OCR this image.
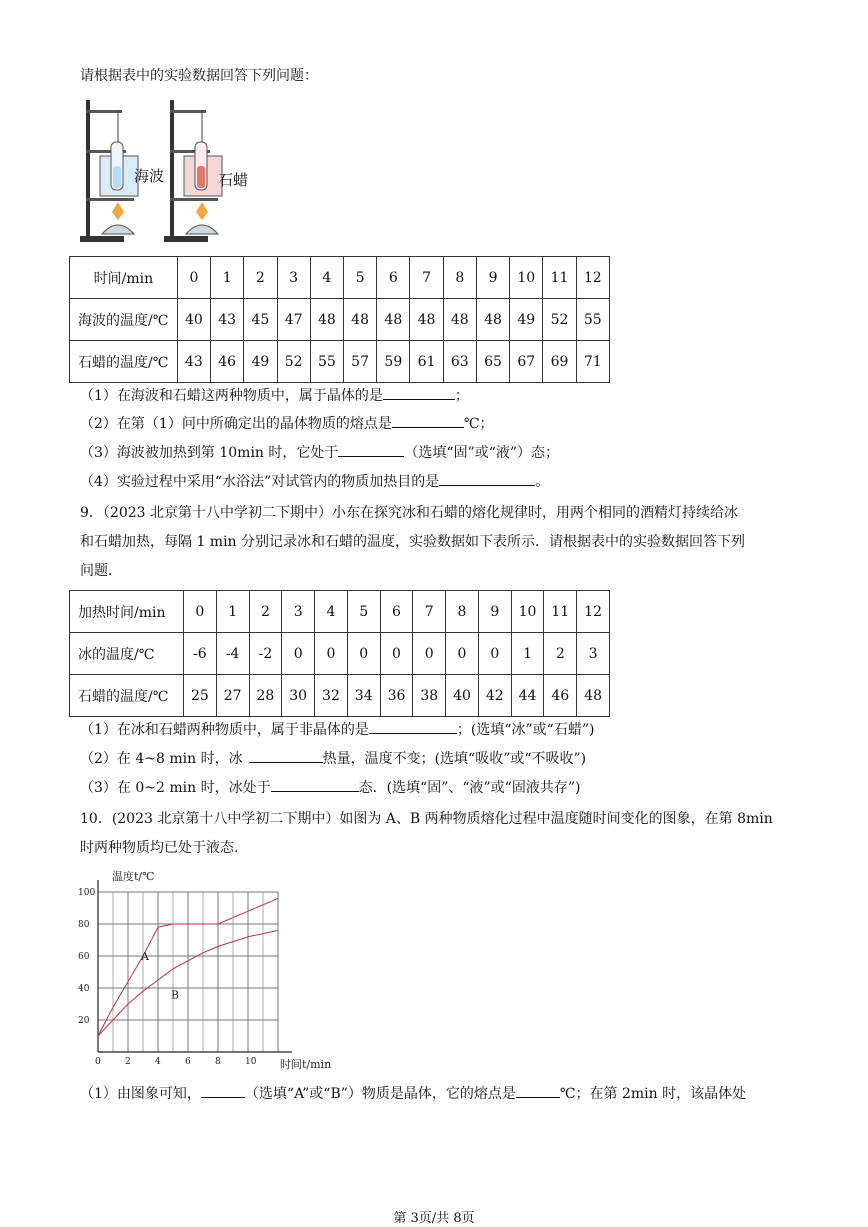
请根据表中的实验数据回答下列问题：
海波	石蜡
时间/min	0	1	2	3	4	5	6	7	8	9	10	11	12
海波的温度/℃	40	43	45	47	48	48	48	48	48	48	49	52	55
石蜡的温度/℃	43	46	49	52	55	57	59	61	63	65	67	69	71
（1）在海波和石蜡这两种物质中，属于晶体的是	；
（2）在第（1）问中所确定出的晶体物质的熔点是	℃；
（3）海波被加热到第 10min 时，它处于	（选填“固”或“液”）态；
（4）实验过程中采用“水浴法”对试管内的物质加热目的是	。
9．（2023 北京第十八中学初二下期中）小东在探究冰和石蜡的熔化规律时，用两个相同的酒精灯持续给冰
和石蜡加热，每隔 1 min 分别记录冰和石蜡的温度，实验数据如下表所示．请根据表中的实验数据回答下列
问题．
加热时间/min	0	1	2	3	4	5	6	7	8	9	10	11	12
冰的温度/℃	-6	-4	-2	0	0	0	0	0	0	0	1	2	3
石蜡的温度/℃	25	27	28	30	32	34	36	38	40	42	44	46	48
（1）在冰和石蜡两种物质中，属于非晶体的是	；(选填“冰”或“石蜡”)
（2）在 4~8 min 时，冰	热量，温度不变；(选填“吸收”或“不吸收”)
（3）在 0~2 min 时，冰处于	态．(选填“固”、“液”或“固液共存”)
10．(2023 北京第十八中学初二下期中）如图为 A、B 两种物质熔化过程中温度随时间变化的图象，在第 8min
时两种物质均已处于液态．
0	2	4	6	8	10
20
40
60
80
100
A
B
温度t/℃
时间t/min
（1）由图象可知，	（选填“A”或“B”）物质是晶体，它的熔点是	℃；在第 2min 时，该晶体处
第 3页/共 8页
